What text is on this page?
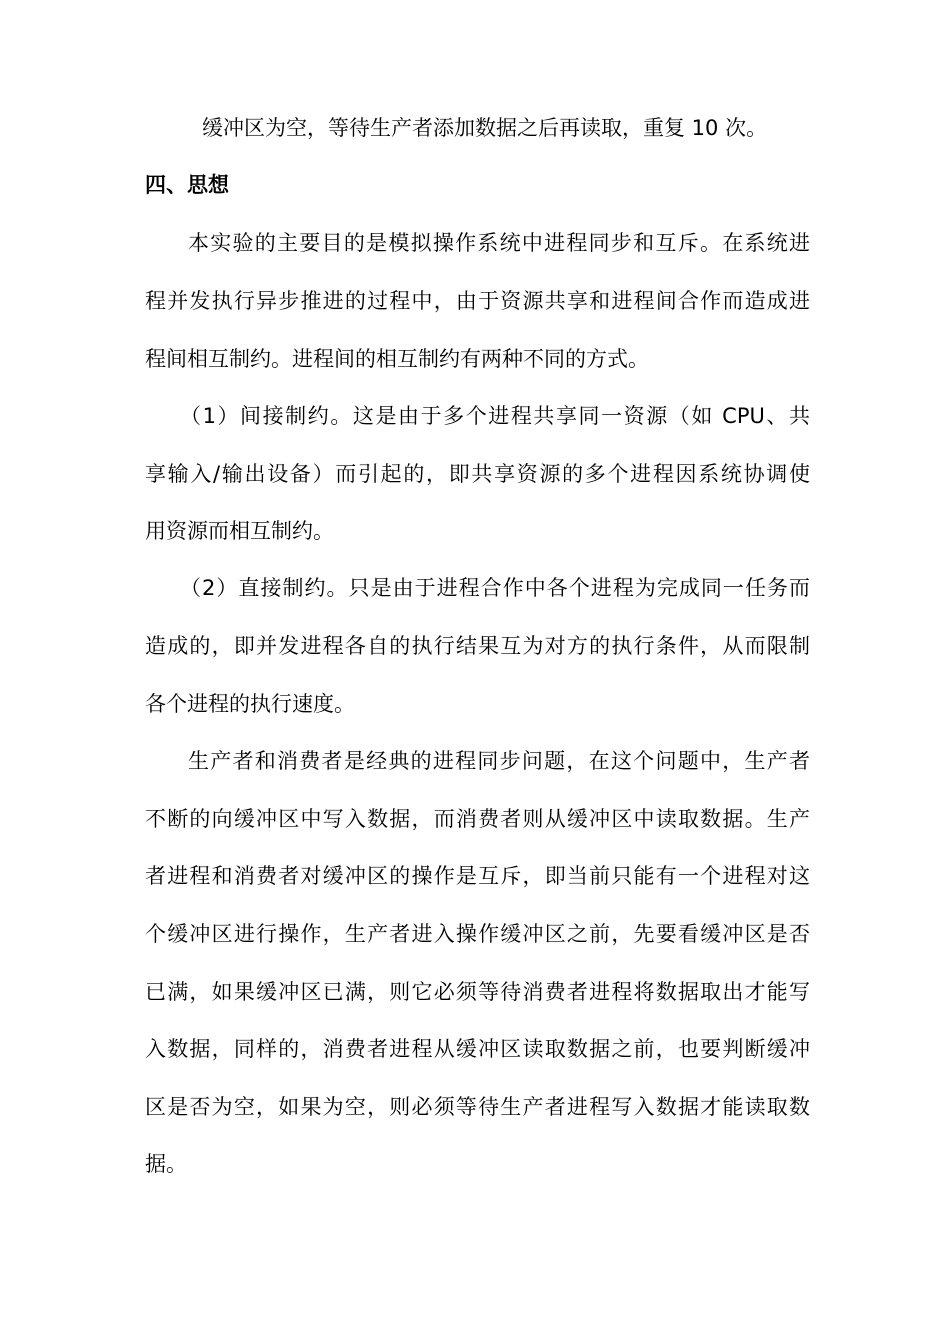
缓冲区为空，等待生产者添加数据之后再读取，重复 10 次。
四、思想
本实验的主要目的是模拟操作系统中进程同步和互斥。在系统进
程并发执行异步推进的过程中，由于资源共享和进程间合作而造成进
程间相互制约。进程间的相互制约有两种不同的方式。
（1）间接制约。这是由于多个进程共享同一资源（如 CPU、共
享输入/输出设备）而引起的，即共享资源的多个进程因系统协调使
用资源而相互制约。
（2）直接制约。只是由于进程合作中各个进程为完成同一任务而
造成的，即并发进程各自的执行结果互为对方的执行条件，从而限制
各个进程的执行速度。
生产者和消费者是经典的进程同步问题，在这个问题中，生产者
不断的向缓冲区中写入数据，而消费者则从缓冲区中读取数据。生产
者进程和消费者对缓冲区的操作是互斥，即当前只能有一个进程对这
个缓冲区进行操作，生产者进入操作缓冲区之前，先要看缓冲区是否
已满，如果缓冲区已满，则它必须等待消费者进程将数据取出才能写
入数据，同样的，消费者进程从缓冲区读取数据之前，也要判断缓冲
区是否为空，如果为空，则必须等待生产者进程写入数据才能读取数
据。
